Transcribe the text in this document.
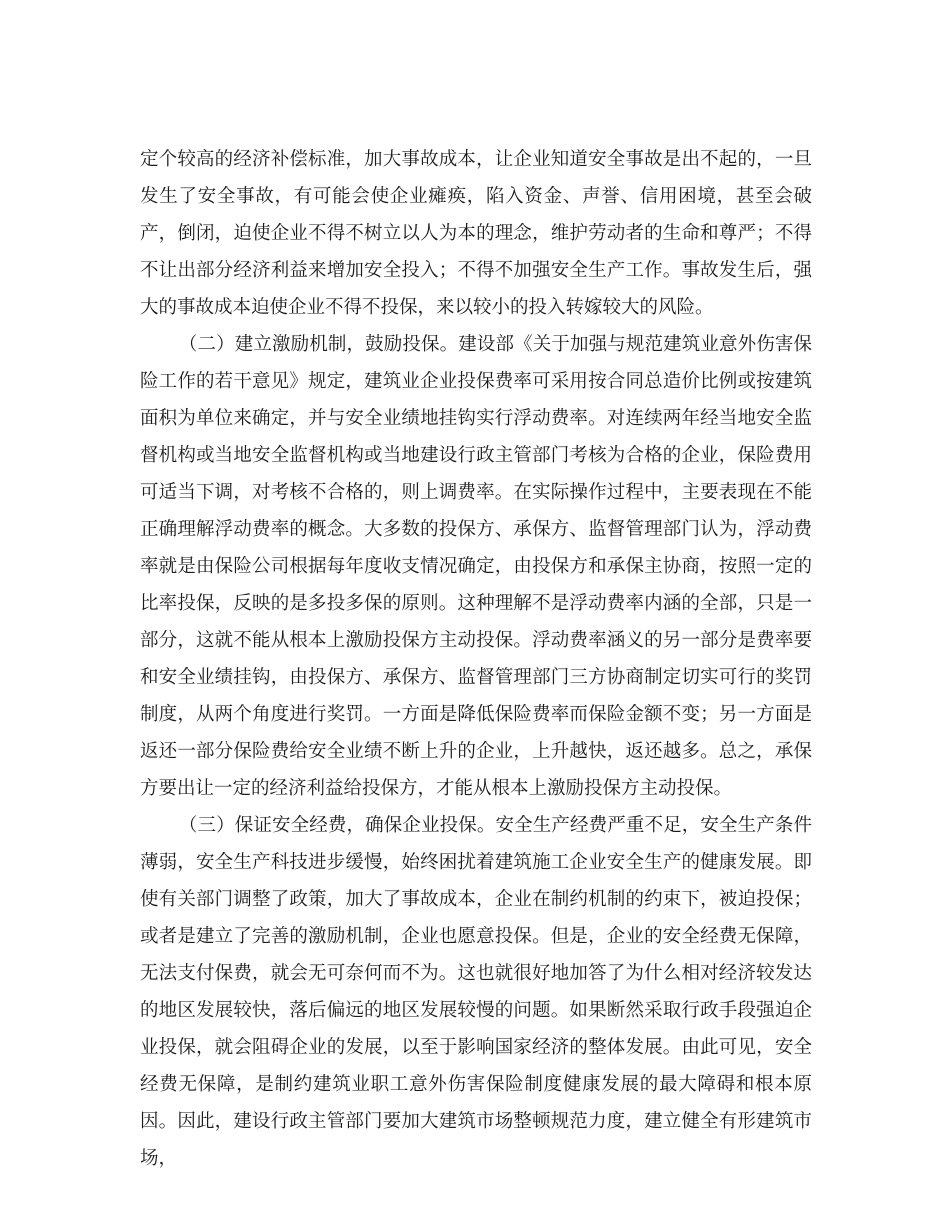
定个较高的经济补偿标准，加大事故成本，让企业知道安全事故是出不起的，一旦发生了安全事故，有可能会使企业瘫痪，陷入资金、声誉、信用困境，甚至会破产，倒闭，迫使企业不得不树立以人为本的理念，维护劳动者的生命和尊严；不得不让出部分经济利益来增加安全投入；不得不加强安全生产工作。事故发生后，强大的事故成本迫使企业不得不投保，来以较小的投入转嫁较大的风险。

（二）建立激励机制，鼓励投保。建设部《关于加强与规范建筑业意外伤害保险工作的若干意见》规定，建筑业企业投保费率可采用按合同总造价比例或按建筑面积为单位来确定，并与安全业绩地挂钩实行浮动费率。对连续两年经当地安全监督机构或当地安全监督机构或当地建设行政主管部门考核为合格的企业，保险费用可适当下调，对考核不合格的，则上调费率。在实际操作过程中，主要表现在不能正确理解浮动费率的概念。大多数的投保方、承保方、监督管理部门认为，浮动费率就是由保险公司根据每年度收支情况确定，由投保方和承保主协商，按照一定的比率投保，反映的是多投多保的原则。这种理解不是浮动费率内涵的全部，只是一部分，这就不能从根本上激励投保方主动投保。浮动费率涵义的另一部分是费率要和安全业绩挂钩，由投保方、承保方、监督管理部门三方协商制定切实可行的奖罚制度，从两个角度进行奖罚。一方面是降低保险费率而保险金额不变；另一方面是返还一部分保险费给安全业绩不断上升的企业，上升越快，返还越多。总之，承保方要出让一定的经济利益给投保方，才能从根本上激励投保方主动投保。

（三）保证安全经费，确保企业投保。安全生产经费严重不足，安全生产条件薄弱，安全生产科技进步缓慢，始终困扰着建筑施工企业安全生产的健康发展。即使有关部门调整了政策，加大了事故成本，企业在制约机制的约束下，被迫投保；或者是建立了完善的激励机制，企业也愿意投保。但是，企业的安全经费无保障，无法支付保费，就会无可奈何而不为。这也就很好地加答了为什么相对经济较发达的地区发展较快，落后偏远的地区发展较慢的问题。如果断然采取行政手段强迫企业投保，就会阻碍企业的发展，以至于影响国家经济的整体发展。由此可见，安全经费无保障，是制约建筑业职工意外伤害保险制度健康发展的最大障碍和根本原因。因此，建设行政主管部门要加大建筑市场整顿规范力度，建立健全有形建筑市场，
